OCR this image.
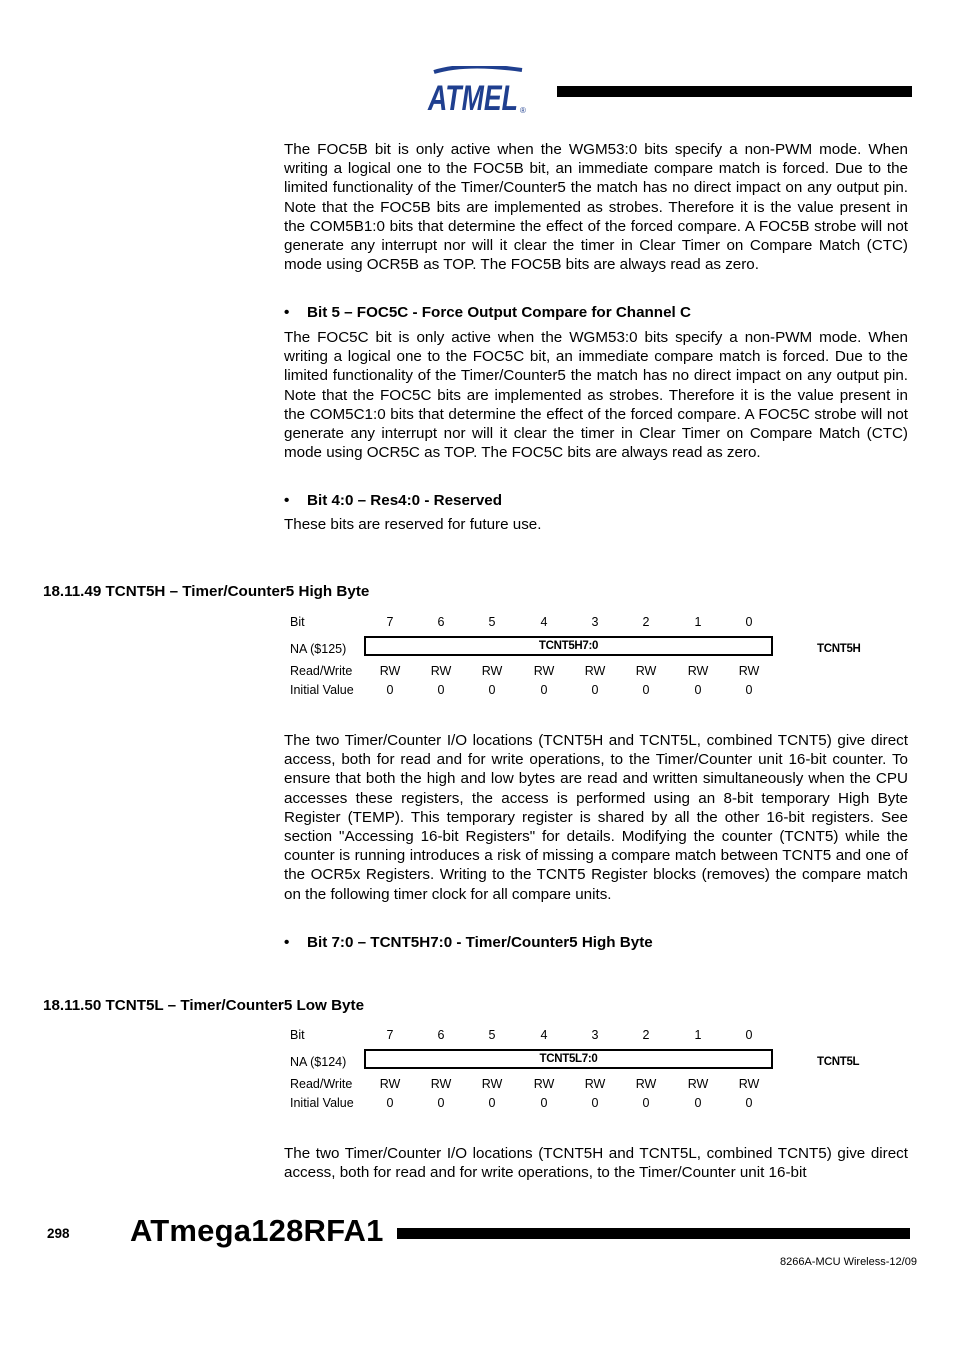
ATMEL ®

The FOC5B bit is only active when the WGM53:0 bits specify a non-PWM mode. When writing a logical one to the FOC5B bit, an immediate compare match is forced. Due to the limited functionality of the Timer/Counter5 the match has no direct impact on any output pin. Note that the FOC5B bits are implemented as strobes. Therefore it is the value present in the COM5B1:0 bits that determine the effect of the forced compare. A FOC5B strobe will not generate any interrupt nor will it clear the timer in Clear Timer on Compare Match (CTC) mode using OCR5B as TOP. The FOC5B bits are always read as zero.

• Bit 5 – FOC5C - Force Output Compare for Channel C

The FOC5C bit is only active when the WGM53:0 bits specify a non-PWM mode. When writing a logical one to the FOC5C bit, an immediate compare match is forced. Due to the limited functionality of the Timer/Counter5 the match has no direct impact on any output pin. Note that the FOC5C bits are implemented as strobes. Therefore it is the value present in the COM5C1:0 bits that determine the effect of the forced compare. A FOC5C strobe will not generate any interrupt nor will it clear the timer in Clear Timer on Compare Match (CTC) mode using OCR5C as TOP. The FOC5C bits are always read as zero.

• Bit 4:0 – Res4:0 - Reserved

These bits are reserved for future use.

18.11.49 TCNT5H – Timer/Counter5 High Byte

Bit	7	6	5	4	3	2	1	0
NA ($125)	TCNT5H7:0	TCNT5H
Read/Write	RW	RW	RW	RW	RW	RW	RW	RW
Initial Value	0	0	0	0	0	0	0	0

The two Timer/Counter I/O locations (TCNT5H and TCNT5L, combined TCNT5) give direct access, both for read and for write operations, to the Timer/Counter unit 16-bit counter. To ensure that both the high and low bytes are read and written simultaneously when the CPU accesses these registers, the access is performed using an 8-bit temporary High Byte Register (TEMP). This temporary register is shared by all the other 16-bit registers. See section "Accessing 16-bit Registers" for details. Modifying the counter (TCNT5) while the counter is running introduces a risk of missing a compare match between TCNT5 and one of the OCR5x Registers. Writing to the TCNT5 Register blocks (removes) the compare match on the following timer clock for all compare units.

• Bit 7:0 – TCNT5H7:0 - Timer/Counter5 High Byte

18.11.50 TCNT5L – Timer/Counter5 Low Byte

Bit	7	6	5	4	3	2	1	0
NA ($124)	TCNT5L7:0	TCNT5L
Read/Write	RW	RW	RW	RW	RW	RW	RW	RW
Initial Value	0	0	0	0	0	0	0	0

The two Timer/Counter I/O locations (TCNT5H and TCNT5L, combined TCNT5) give direct access, both for read and for write operations, to the Timer/Counter unit 16-bit

298 ATmega128RFA1
8266A-MCU Wireless-12/09
